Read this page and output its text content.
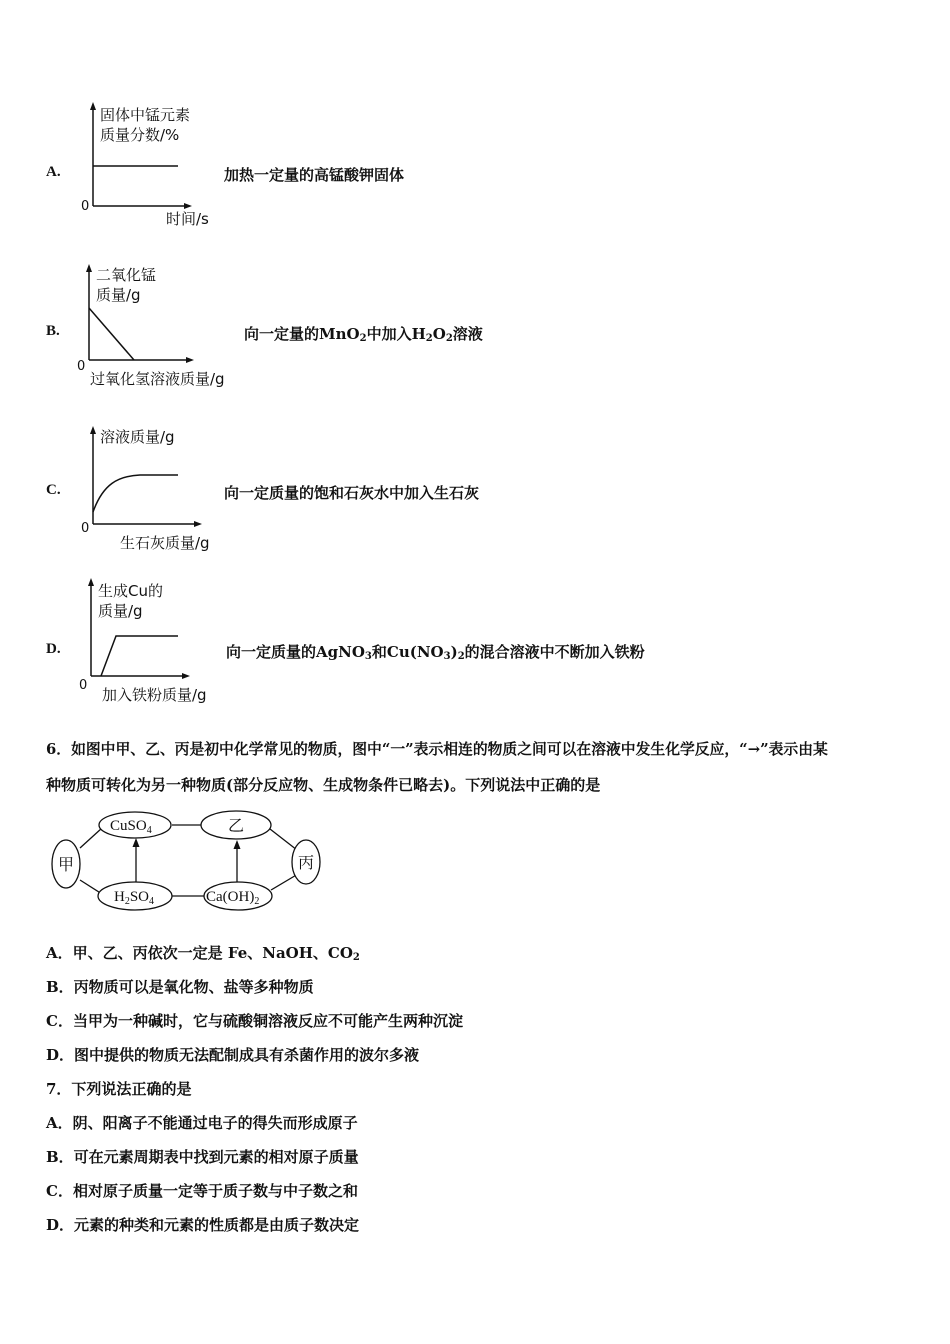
A.
固体中锰元素
质量分数/%
0
时间/s
加热一定量的高锰酸钾固体
B.
二氧化锰
质量/g
0
过氧化氢溶液质量/g
向一定量的MnO$_2$中加入$H_2O_2$溶液
C.
溶液质量/g
0
生石灰质量/g
向一定质量的饱和石灰水中加入生石灰
D.
生成Cu的
质量/g
0
加入铁粉质量/g
向一定质量的AgNO$_3$和$Cu(NO_3)_2$的混合溶液中不断加入铁粉
6．如图中甲、乙、丙是初中化学常见的物质，图中“一”表示相连的物质之间可以在溶液中发生化学反应，“→”表示由某
种物质可转化为另一种物质(部分反应物、生成物条件已略去)。下列说法中正确的是
甲
CuSO$_4$	乙
丙
$H_2SO_4$	$Ca(OH)_2$
A．甲、乙、丙依次一定是 Fe、NaOH、$CO_2$
B．丙物质可以是氧化物、盐等多种物质
C．当甲为一种碱时，它与硫酸铜溶液反应不可能产生两种沉淀
D．图中提供的物质无法配制成具有杀菌作用的波尔多液
7．下列说法正确的是
A．阴、阳离子不能通过电子的得失而形成原子
B．可在元素周期表中找到元素的相对原子质量
C．相对原子质量一定等于质子数与中子数之和
D．元素的种类和元素的性质都是由质子数决定
